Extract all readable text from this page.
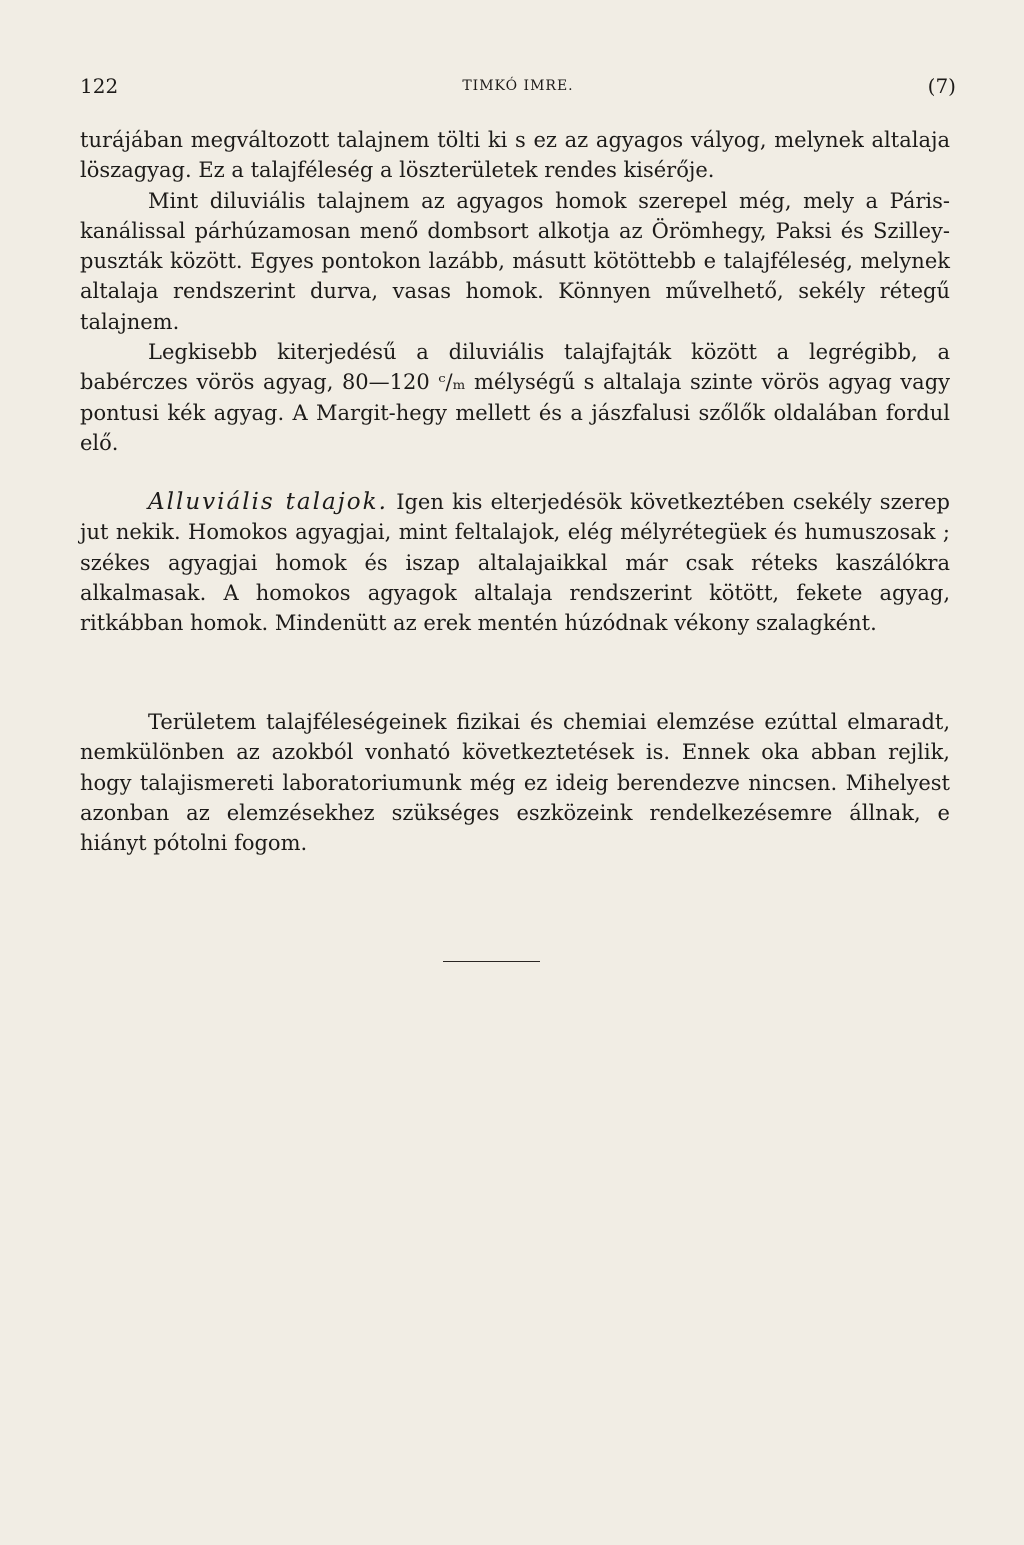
122	TIMKÓ IMRE.	(7)

turájában megváltozott talajnem tölti ki s ez az agyagos vályog, melynek altalaja löszagyag. Ez a talajféleség a löszterületek rendes kisérője.

Mint diluviális talajnem az agyagos homok szerepel még, mely a Páris-kanálissal párhúzamosan menő dombsort alkotja az Örömhegy, Paksi és Szilley-puszták között. Egyes pontokon lazább, másutt kötöttebb e talajféleség, melynek altalaja rendszerint durva, vasas homok. Könnyen művelhető, sekély rétegű talajnem.

Legkisebb kiterjedésű a diluviális talajfajták között a legrégibb, a babérczes vörös agyag, 80—120 ᶜ/ₘ mélységű s altalaja szinte vörös agyag vagy pontusi kék agyag. A Margit-hegy mellett és a jászfalusi szőlők oldalában fordul elő.

Alluviális talajok. Igen kis elterjedésök következtében csekély szerep jut nekik. Homokos agyagjai, mint feltalajok, elég mélyrétegüek és humuszosak ; székes agyagjai homok és iszap altalajaikkal már csak réteks kaszálókra alkalmasak. A homokos agyagok altalaja rendszerint kötött, fekete agyag, ritkábban homok. Mindenütt az erek mentén húzódnak vékony szalagként.

Területem talajféleségeinek fizikai és chemiai elemzése ezúttal elmaradt, nemkülönben az azokból vonható következtetések is. Ennek oka abban rejlik, hogy talajismereti laboratoriumunk még ez ideig berendezve nincsen. Mihelyest azonban az elemzésekhez szükséges eszközeink rendelkezésemre állnak, e hiányt pótolni fogom.
